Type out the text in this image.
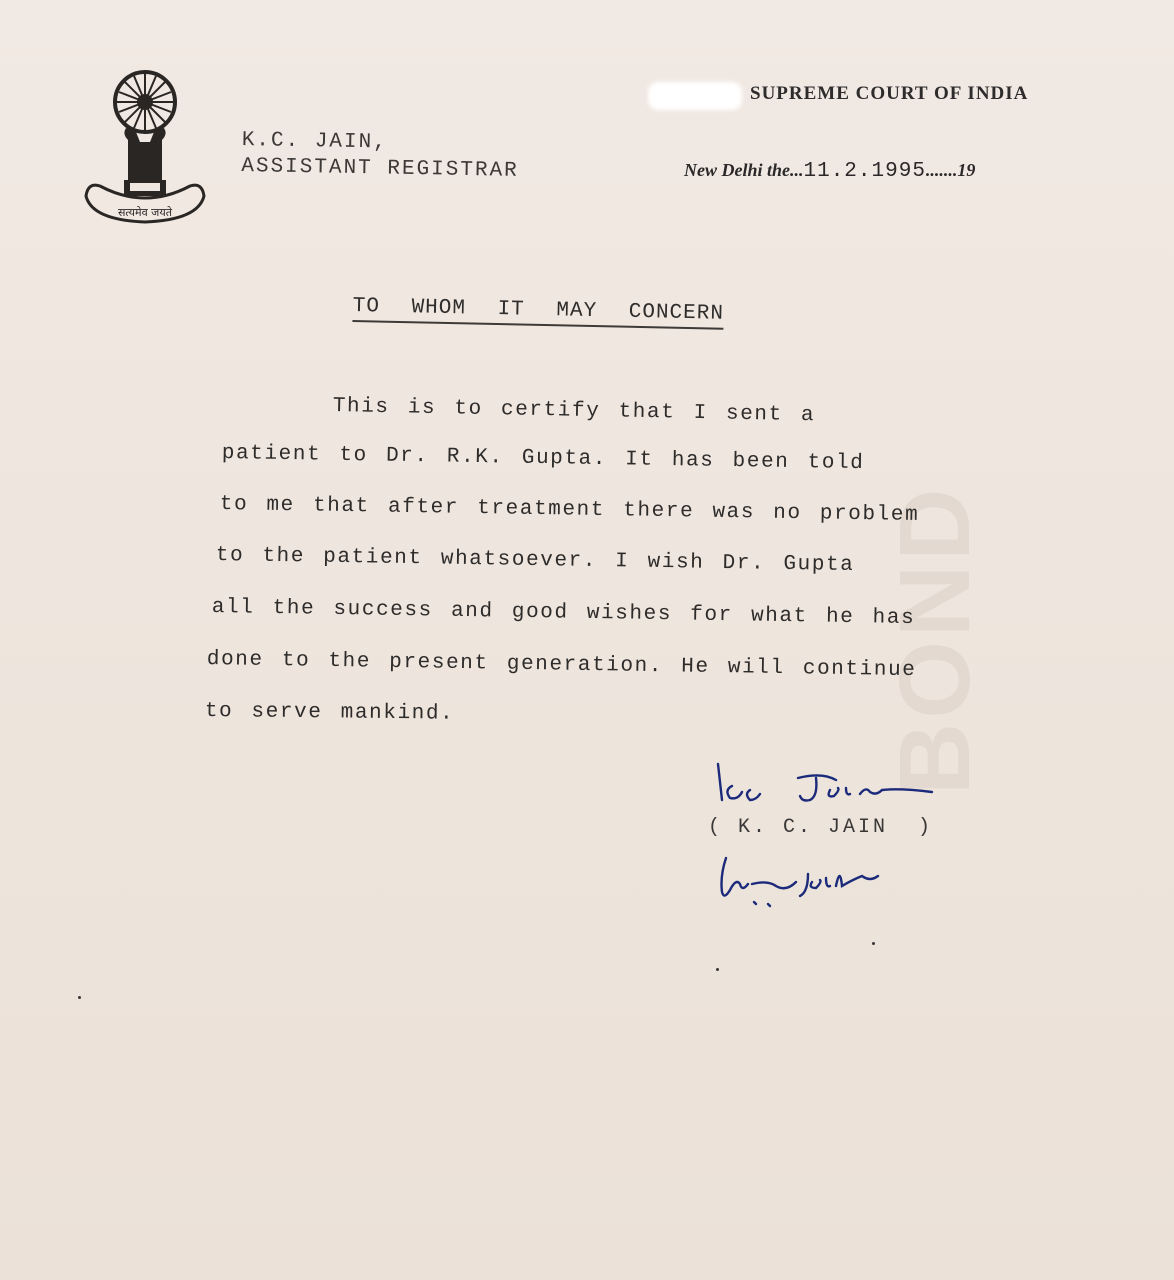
BOND
सत्यमेव जयते
K.C. JAIN,
ASSISTANT REGISTRAR
SUPREME COURT OF INDIA
New Delhi the...11.2.1995.......19
TO WHOM IT MAY CONCERN
This is to certify that I sent a
patient to Dr. R.K. Gupta. It has been told
to me that after treatment there was no problem
to the patient whatsoever. I wish Dr. Gupta
all the success and good wishes for what he has
done to the present generation. He will continue
to serve mankind.
( K. C. JAIN  )
